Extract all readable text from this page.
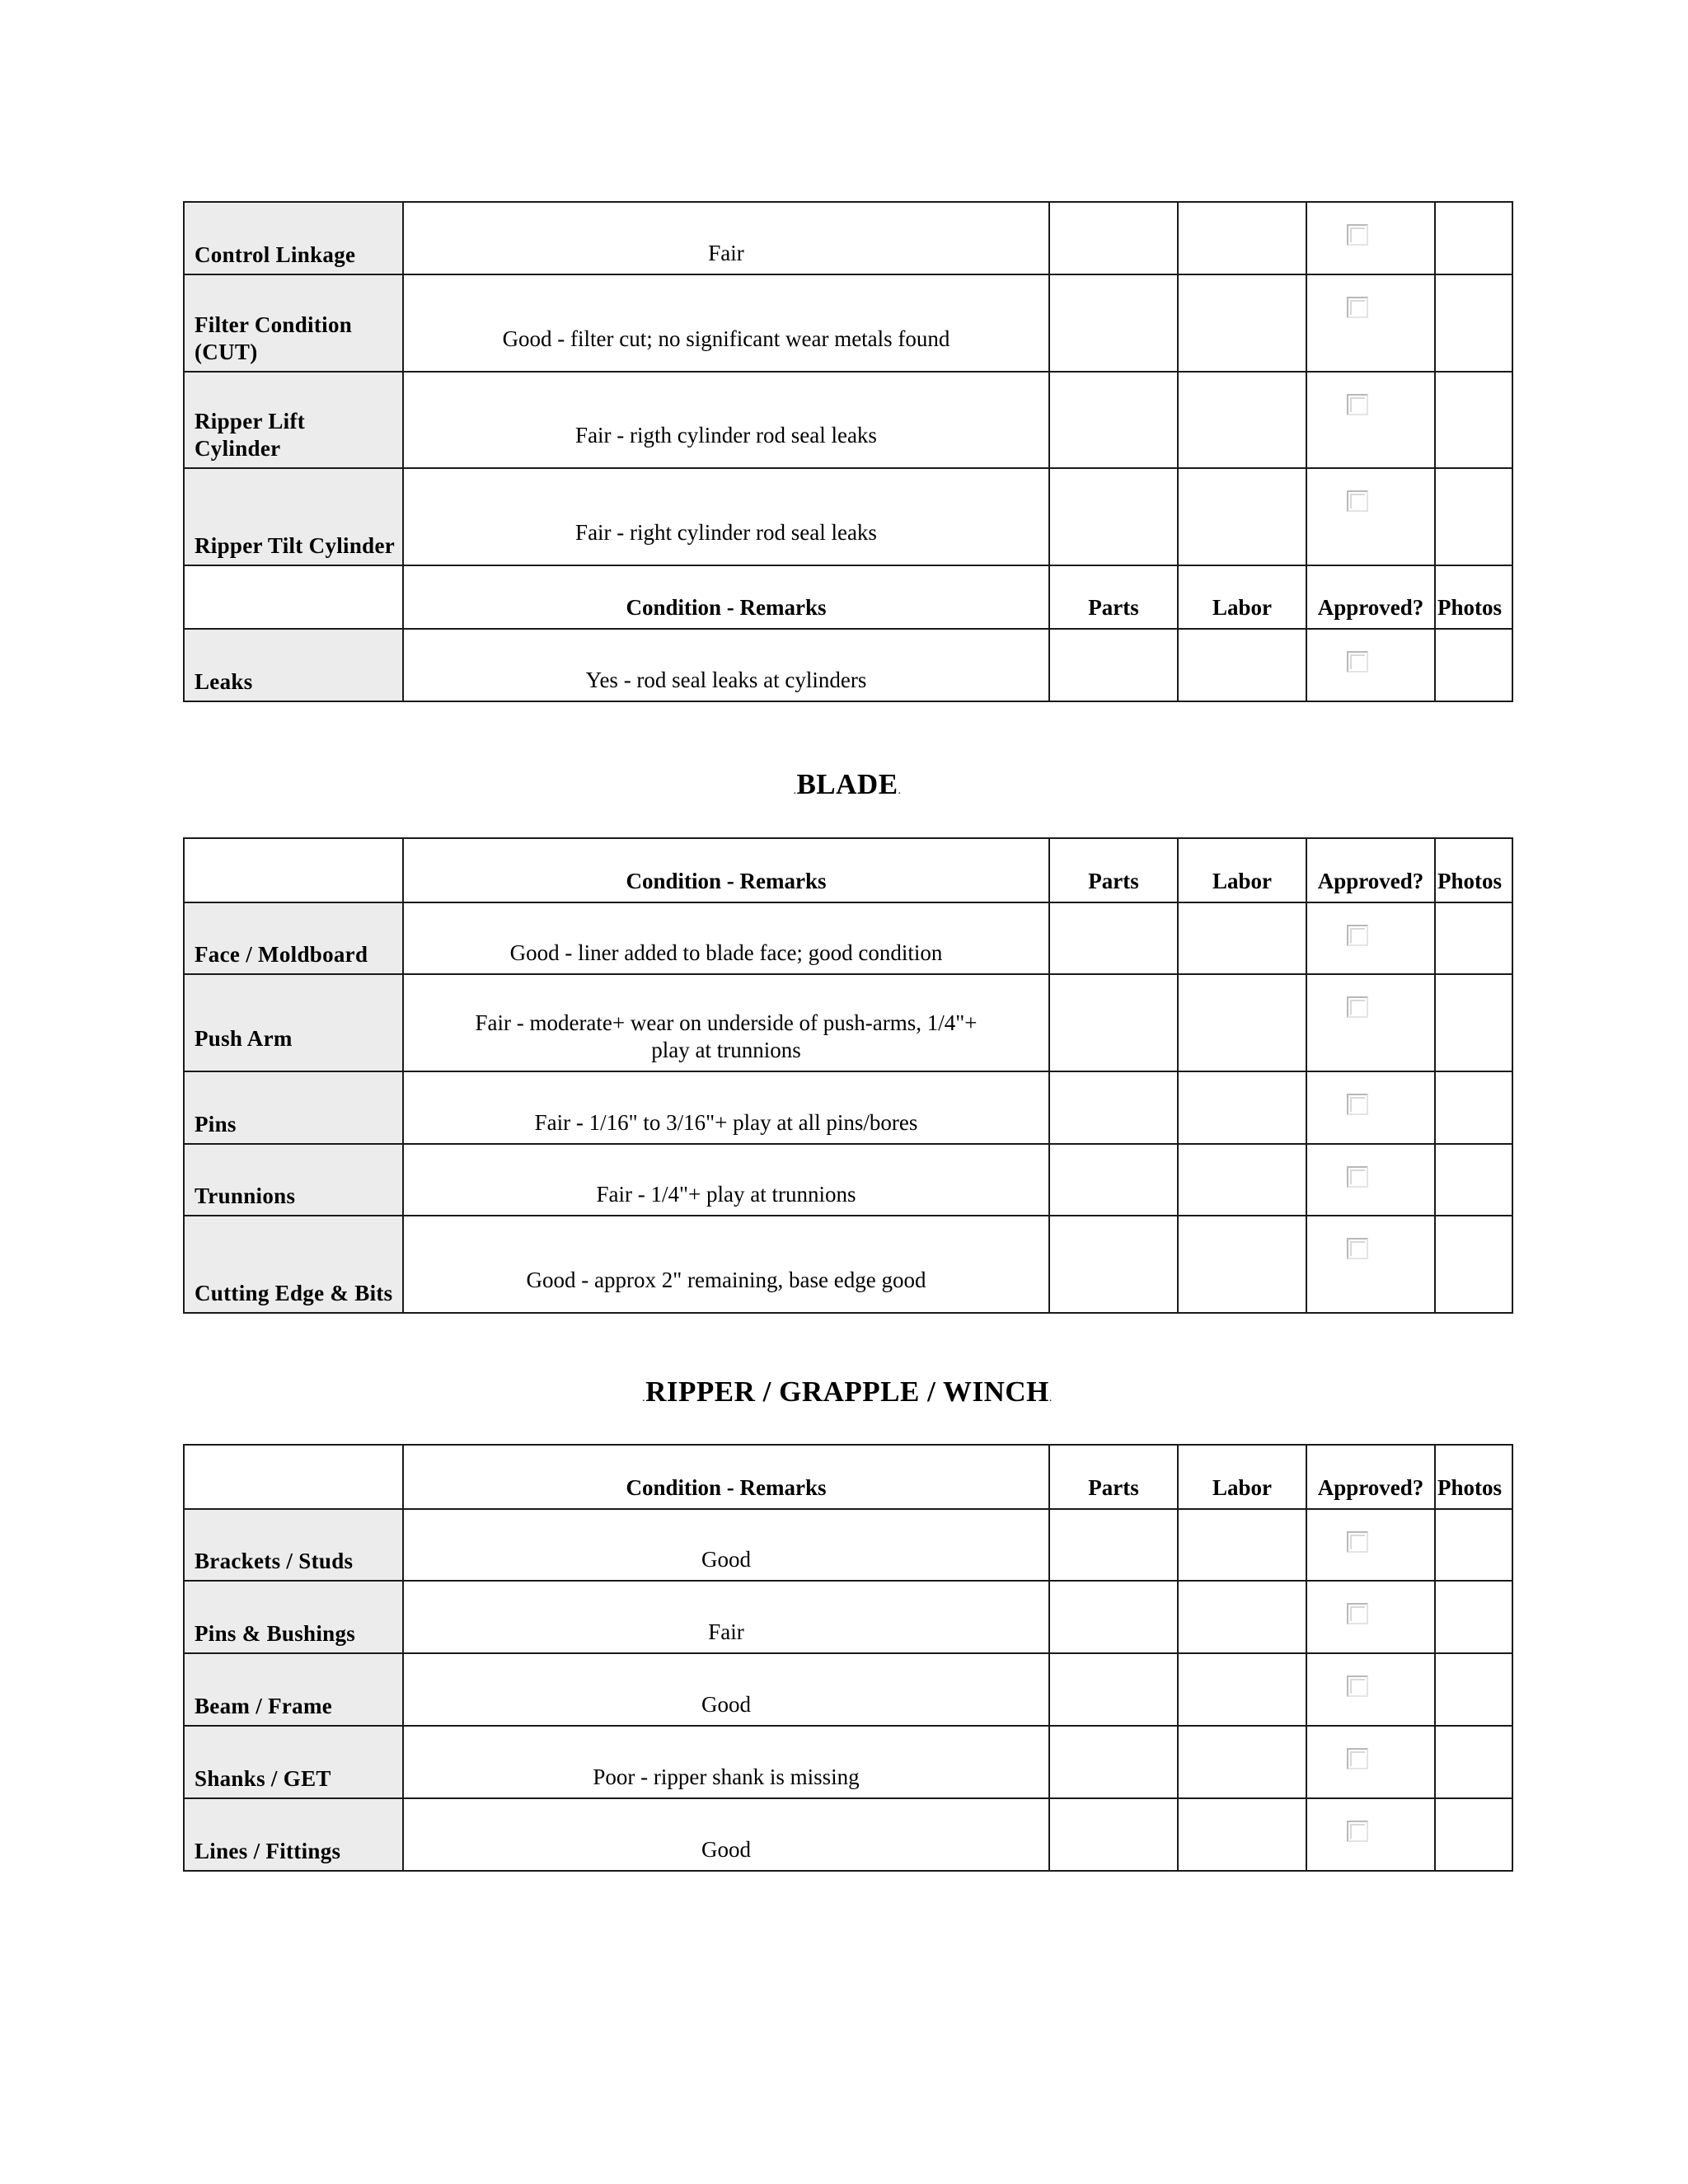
Control Linkage	Fair			

Filter Condition (CUT)	Good - filter cut; no significant wear metals found			

Ripper Lift Cylinder	Fair - rigth cylinder rod seal leaks			

Ripper Tilt Cylinder	Fair - right cylinder rod seal leaks			

	Condition - Remarks	Parts	Labor	Approved?	Photos
Leaks	Yes - rod seal leaks at cylinders			

.BLADE.
	Condition - Remarks	Parts	Labor	Approved?	Photos
Face / Moldboard	Good - liner added to blade face; good condition			

Push Arm	Fair - moderate+ wear on underside of push-arms, 1/4"+ play at trunnions			

Pins	Fair - 1/16" to 3/16"+ play at all pins/bores			

Trunnions	Fair - 1/4"+ play at trunnions			

Cutting Edge & Bits	Good - approx 2" remaining, base edge good			

.RIPPER / GRAPPLE / WINCH.
	Condition - Remarks	Parts	Labor	Approved?	Photos
Brackets / Studs	Good			

Pins & Bushings	Fair			

Beam / Frame	Good			

Shanks / GET	Poor - ripper shank is missing			

Lines / Fittings	Good			
